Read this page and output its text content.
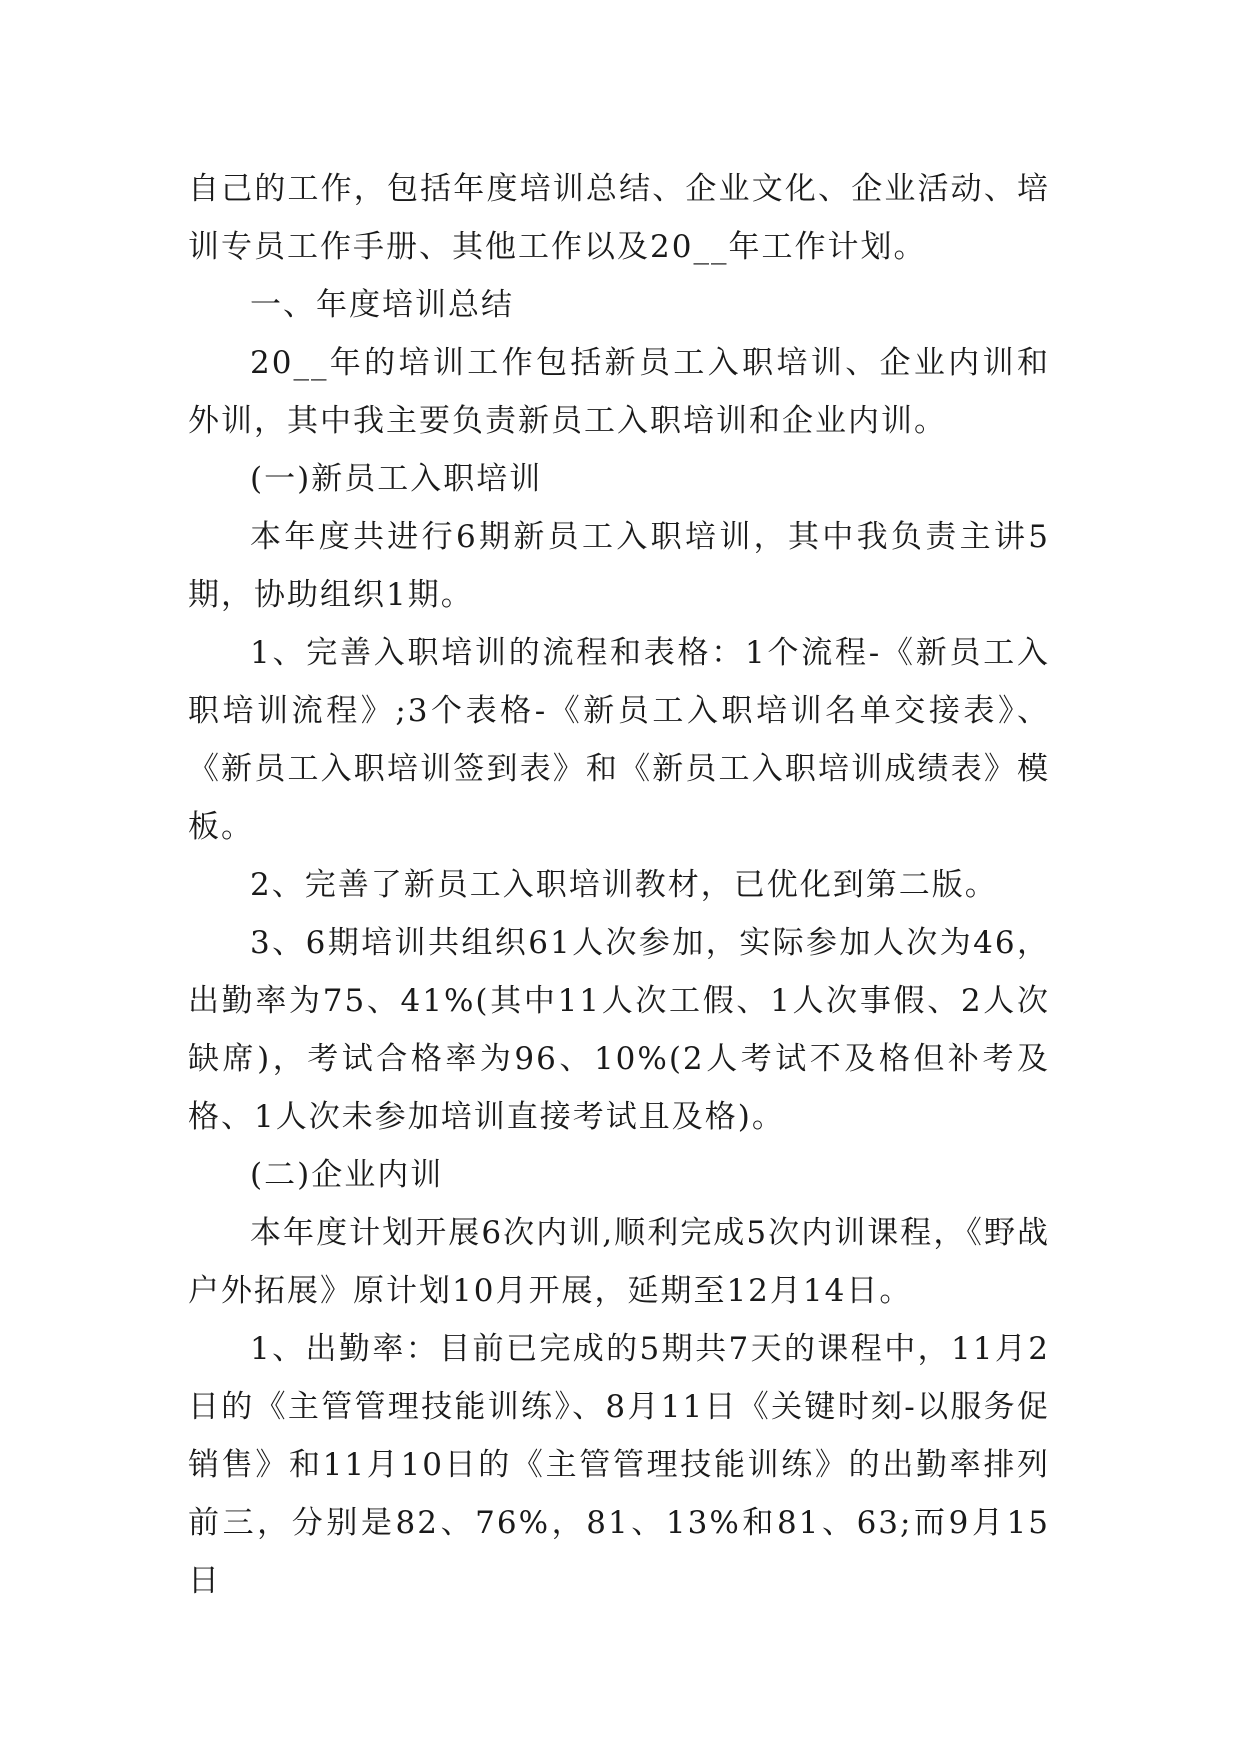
自己的工作，包括年度培训总结、企业文化、企业活动、培训专员工作手册、其他工作以及20__年工作计划。

一、年度培训总结

20__年的培训工作包括新员工入职培训、企业内训和外训，其中我主要负责新员工入职培训和企业内训。

(一)新员工入职培训

本年度共进行6期新员工入职培训，其中我负责主讲5期，协助组织1期。

1、完善入职培训的流程和表格：1个流程-《新员工入职培训流程》;3个表格-《新员工入职培训名单交接表》、《新员工入职培训签到表》和《新员工入职培训成绩表》模板。

2、完善了新员工入职培训教材，已优化到第二版。

3、6期培训共组织61人次参加，实际参加人次为46，出勤率为75、41%(其中11人次工假、1人次事假、2人次缺席)，考试合格率为96、10%(2人考试不及格但补考及格、1人次未参加培训直接考试且及格)。

(二)企业内训

本年度计划开展6次内训,顺利完成5次内训课程，《野战户外拓展》原计划10月开展，延期至12月14日。

1、出勤率：目前已完成的5期共7天的课程中，11月2日的《主管管理技能训练》、8月11日《关键时刻-以服务促销售》和11月10日的《主管管理技能训练》的出勤率排列前三，分别是82、76%，81、13%和81、63;而9月15日
